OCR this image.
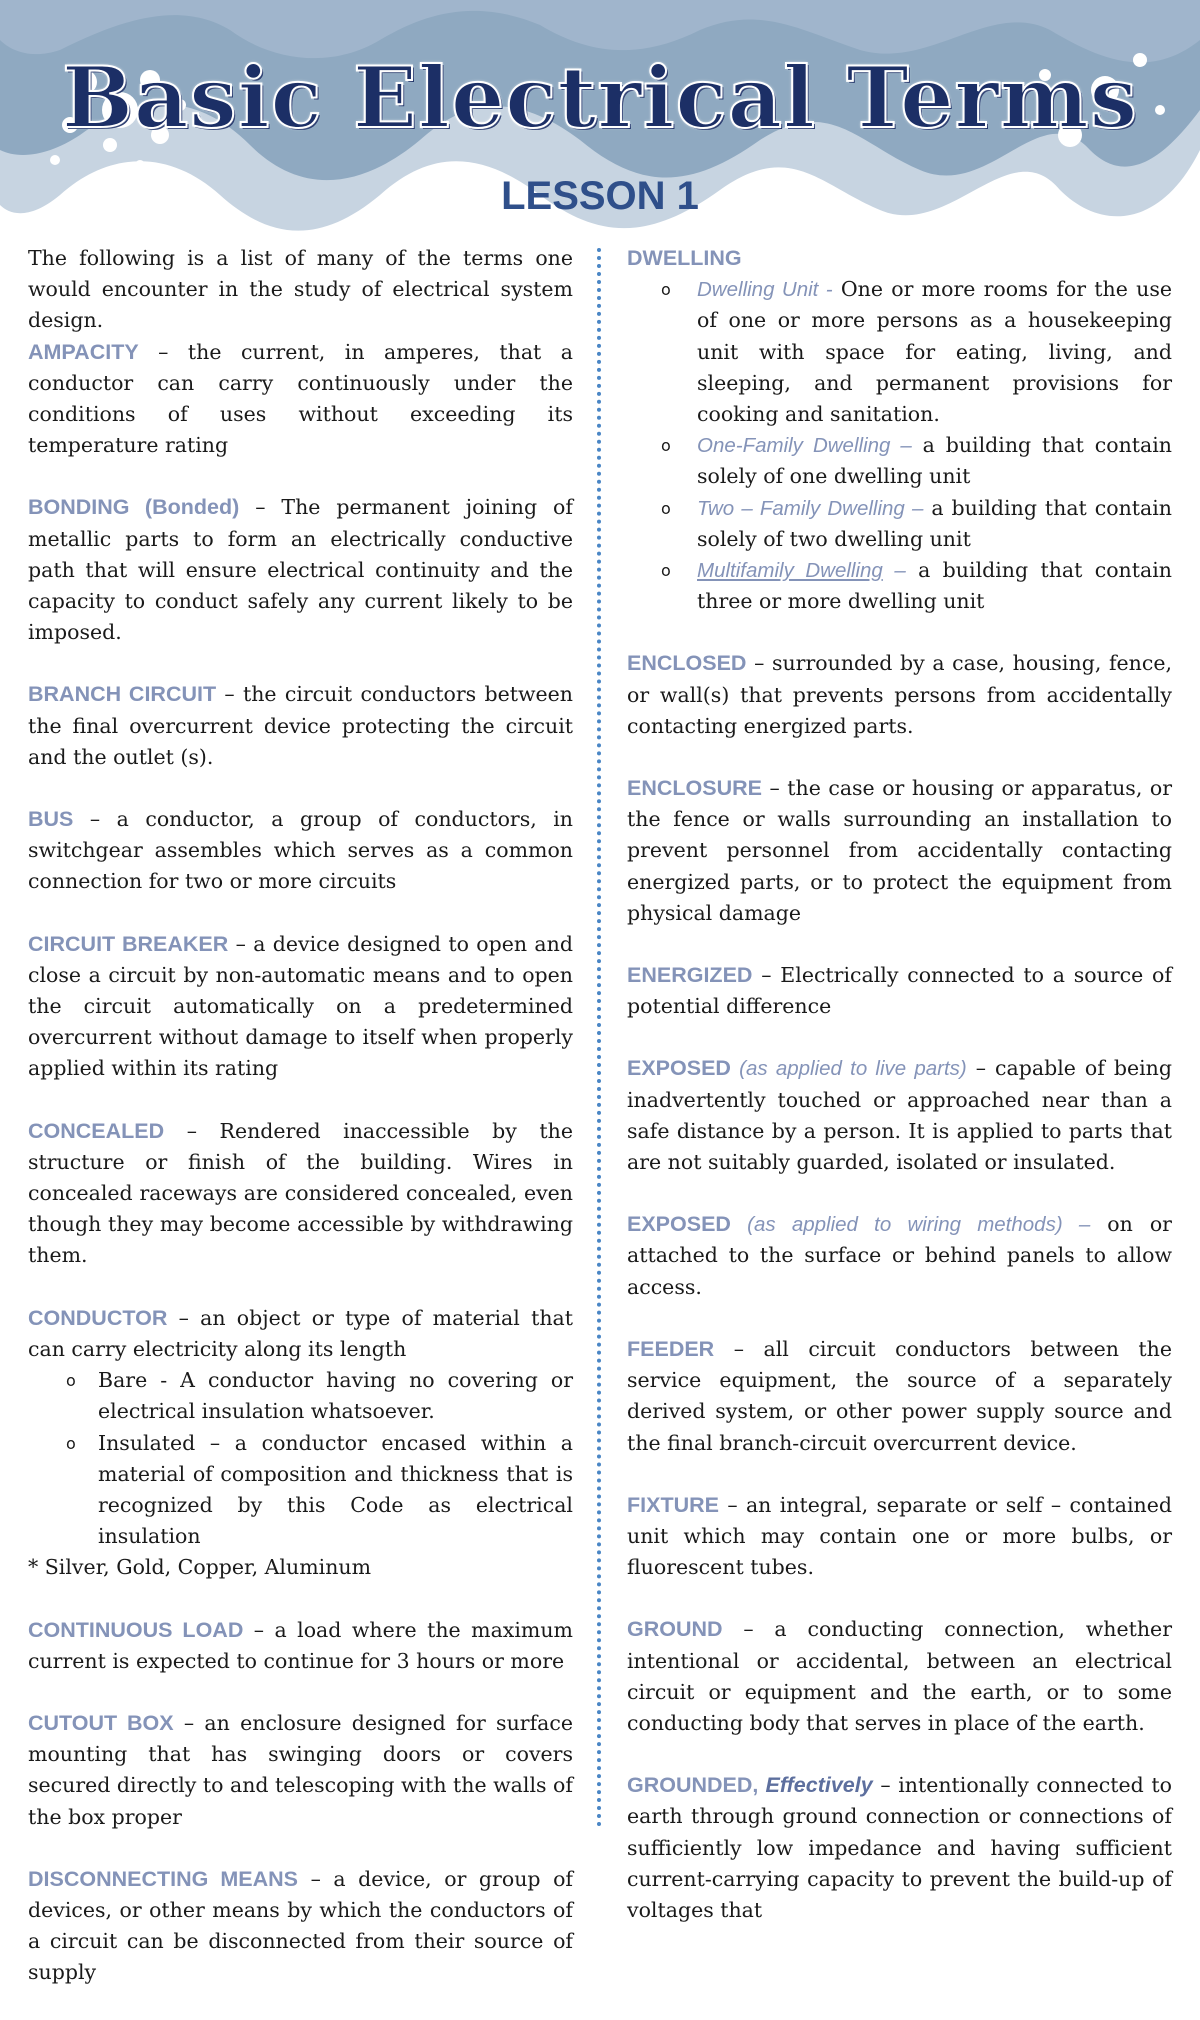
Basic Electrical Terms
LESSON 1

The following is a list of many of the terms one would encounter in the study of electrical system design.

AMPACITY – the current, in amperes, that a conductor can carry continuously under the conditions of uses without exceeding its temperature rating

BONDING (Bonded) – The permanent joining of metallic parts to form an electrically conductive path that will ensure electrical continuity and the capacity to conduct safely any current likely to be imposed.

BRANCH CIRCUIT – the circuit conductors between the final overcurrent device protecting the circuit and the outlet (s).

BUS – a conductor, a group of conductors, in switchgear assembles which serves as a common connection for two or more circuits

CIRCUIT BREAKER – a device designed to open and close a circuit by non-automatic means and to open the circuit automatically on a predetermined overcurrent without damage to itself when properly applied within its rating

CONCEALED – Rendered inaccessible by the structure or finish of the building. Wires in concealed raceways are considered concealed, even though they may become accessible by withdrawing them.

CONDUCTOR – an object or type of material that can carry electricity along its length

o Bare - A conductor having no covering or electrical insulation whatsoever.
o Insulated – a conductor encased within a material of composition and thickness that is recognized by this Code as electrical insulation

* Silver, Gold, Copper, Aluminum

CONTINUOUS LOAD – a load where the maximum current is expected to continue for 3 hours or more

CUTOUT BOX – an enclosure designed for surface mounting that has swinging doors or covers secured directly to and telescoping with the walls of the box proper

DISCONNECTING MEANS – a device, or group of devices, or other means by which the conductors of a circuit can be disconnected from their source of supply

DWELLING

o Dwelling Unit - One or more rooms for the use of one or more persons as a housekeeping unit with space for eating, living, and sleeping, and permanent provisions for cooking and sanitation.
o One-Family Dwelling – a building that contain solely of one dwelling unit
o Two – Family Dwelling – a building that contain solely of two dwelling unit
o Multifamily Dwelling – a building that contain three or more dwelling unit

ENCLOSED – surrounded by a case, housing, fence, or wall(s) that prevents persons from accidentally contacting energized parts.

ENCLOSURE – the case or housing or apparatus, or the fence or walls surrounding an installation to prevent personnel from accidentally contacting energized parts, or to protect the equipment from physical damage

ENERGIZED – Electrically connected to a source of potential difference

EXPOSED (as applied to live parts) – capable of being inadvertently touched or approached near than a safe distance by a person. It is applied to parts that are not suitably guarded, isolated or insulated.

EXPOSED (as applied to wiring methods) – on or attached to the surface or behind panels to allow access.

FEEDER – all circuit conductors between the service equipment, the source of a separately derived system, or other power supply source and the final branch-circuit overcurrent device.

FIXTURE – an integral, separate or self – contained unit which may contain one or more bulbs, or fluorescent tubes.

GROUND – a conducting connection, whether intentional or accidental, between an electrical circuit or equipment and the earth, or to some conducting body that serves in place of the earth.

GROUNDED, Effectively – intentionally connected to earth through ground connection or connections of sufficiently low impedance and having sufficient current-carrying capacity to prevent the build-up of voltages that
